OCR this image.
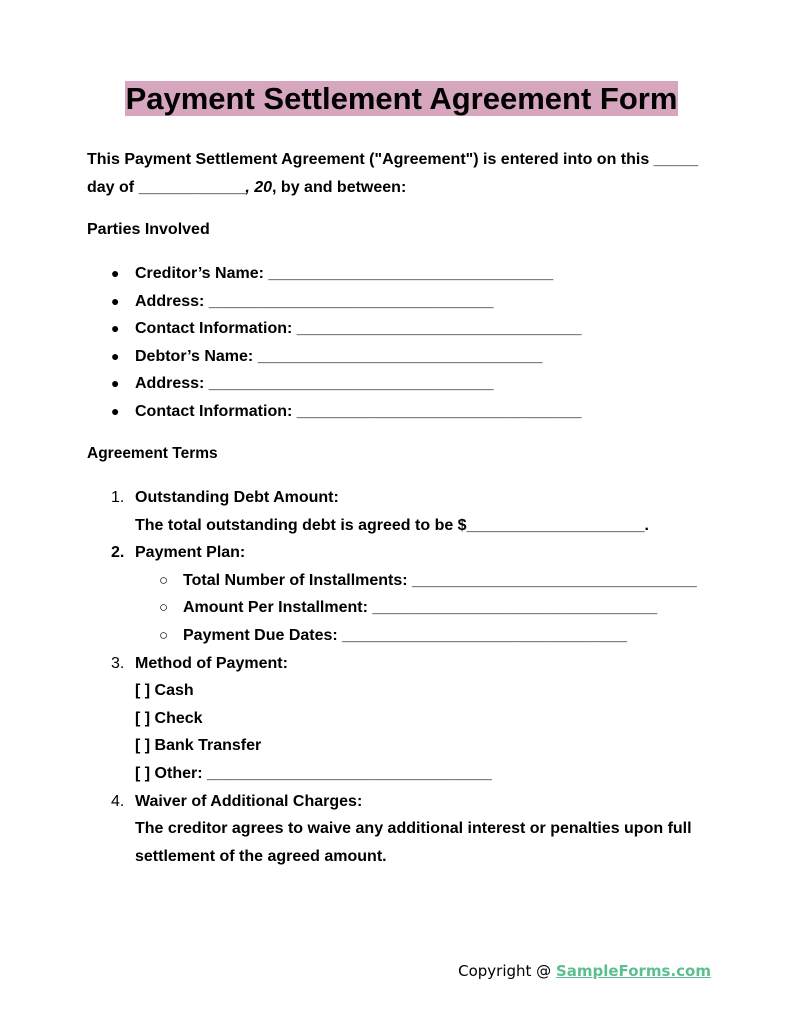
Payment Settlement Agreement Form
This Payment Settlement Agreement ("Agreement") is entered into on this _____ day of ____________, 20, by and between:
Parties Involved
● Creditor’s Name: ________________________________
● Address: ________________________________
● Contact Information: ________________________________
● Debtor’s Name: ________________________________
● Address: ________________________________
● Contact Information: ________________________________
Agreement Terms
1. Outstanding Debt Amount:
The total outstanding debt is agreed to be $____________________.
2. Payment Plan:
○ Total Number of Installments: ________________________________
○ Amount Per Installment: ________________________________
○ Payment Due Dates: ________________________________
3. Method of Payment:
[ ] Cash
[ ] Check
[ ] Bank Transfer
[ ] Other: ________________________________
4. Waiver of Additional Charges:
The creditor agrees to waive any additional interest or penalties upon full settlement of the agreed amount.
Copyright @ SampleForms.com
